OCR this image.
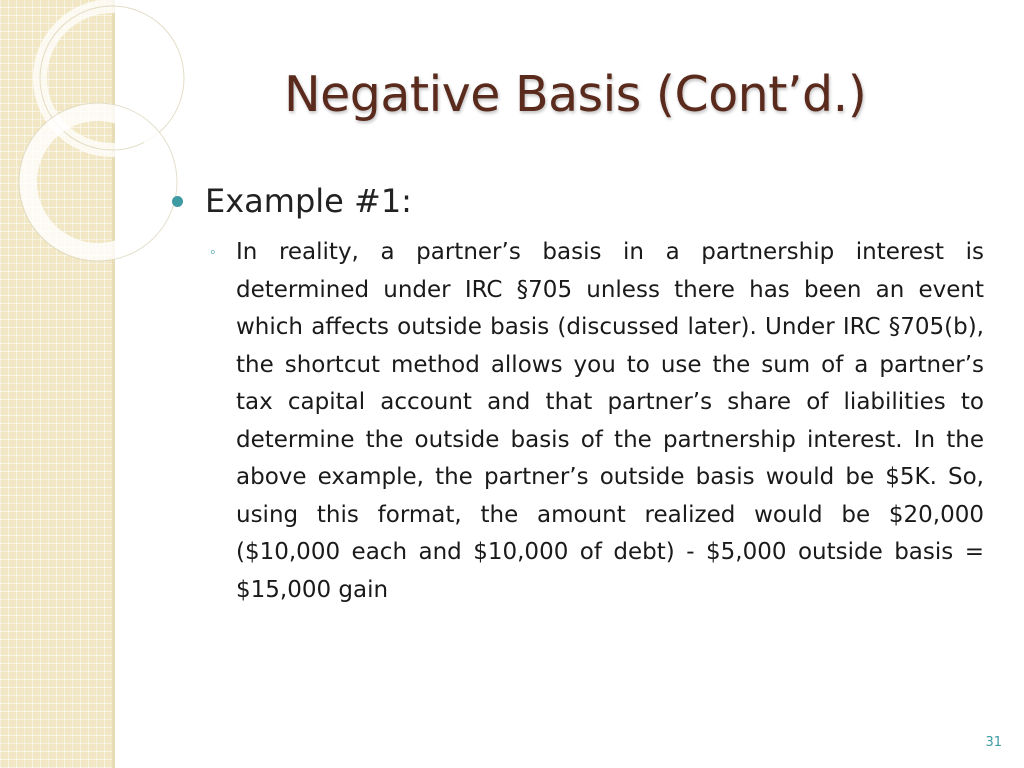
Negative Basis (Cont’d.)
Example #1:
◦ In reality, a partner’s basis in a partnership interest is determined under IRC §705 unless there has been an event which affects outside basis (discussed later). Under IRC §705(b), the shortcut method allows you to use the sum of a partner’s tax capital account and that partner’s share of liabilities to determine the outside basis of the partnership interest. In the above example, the partner’s outside basis would be $5K. So, using this format, the amount realized would be $20,000 ($10,000 each and $10,000 of debt) - $5,000 outside basis = $15,000 gain

31
